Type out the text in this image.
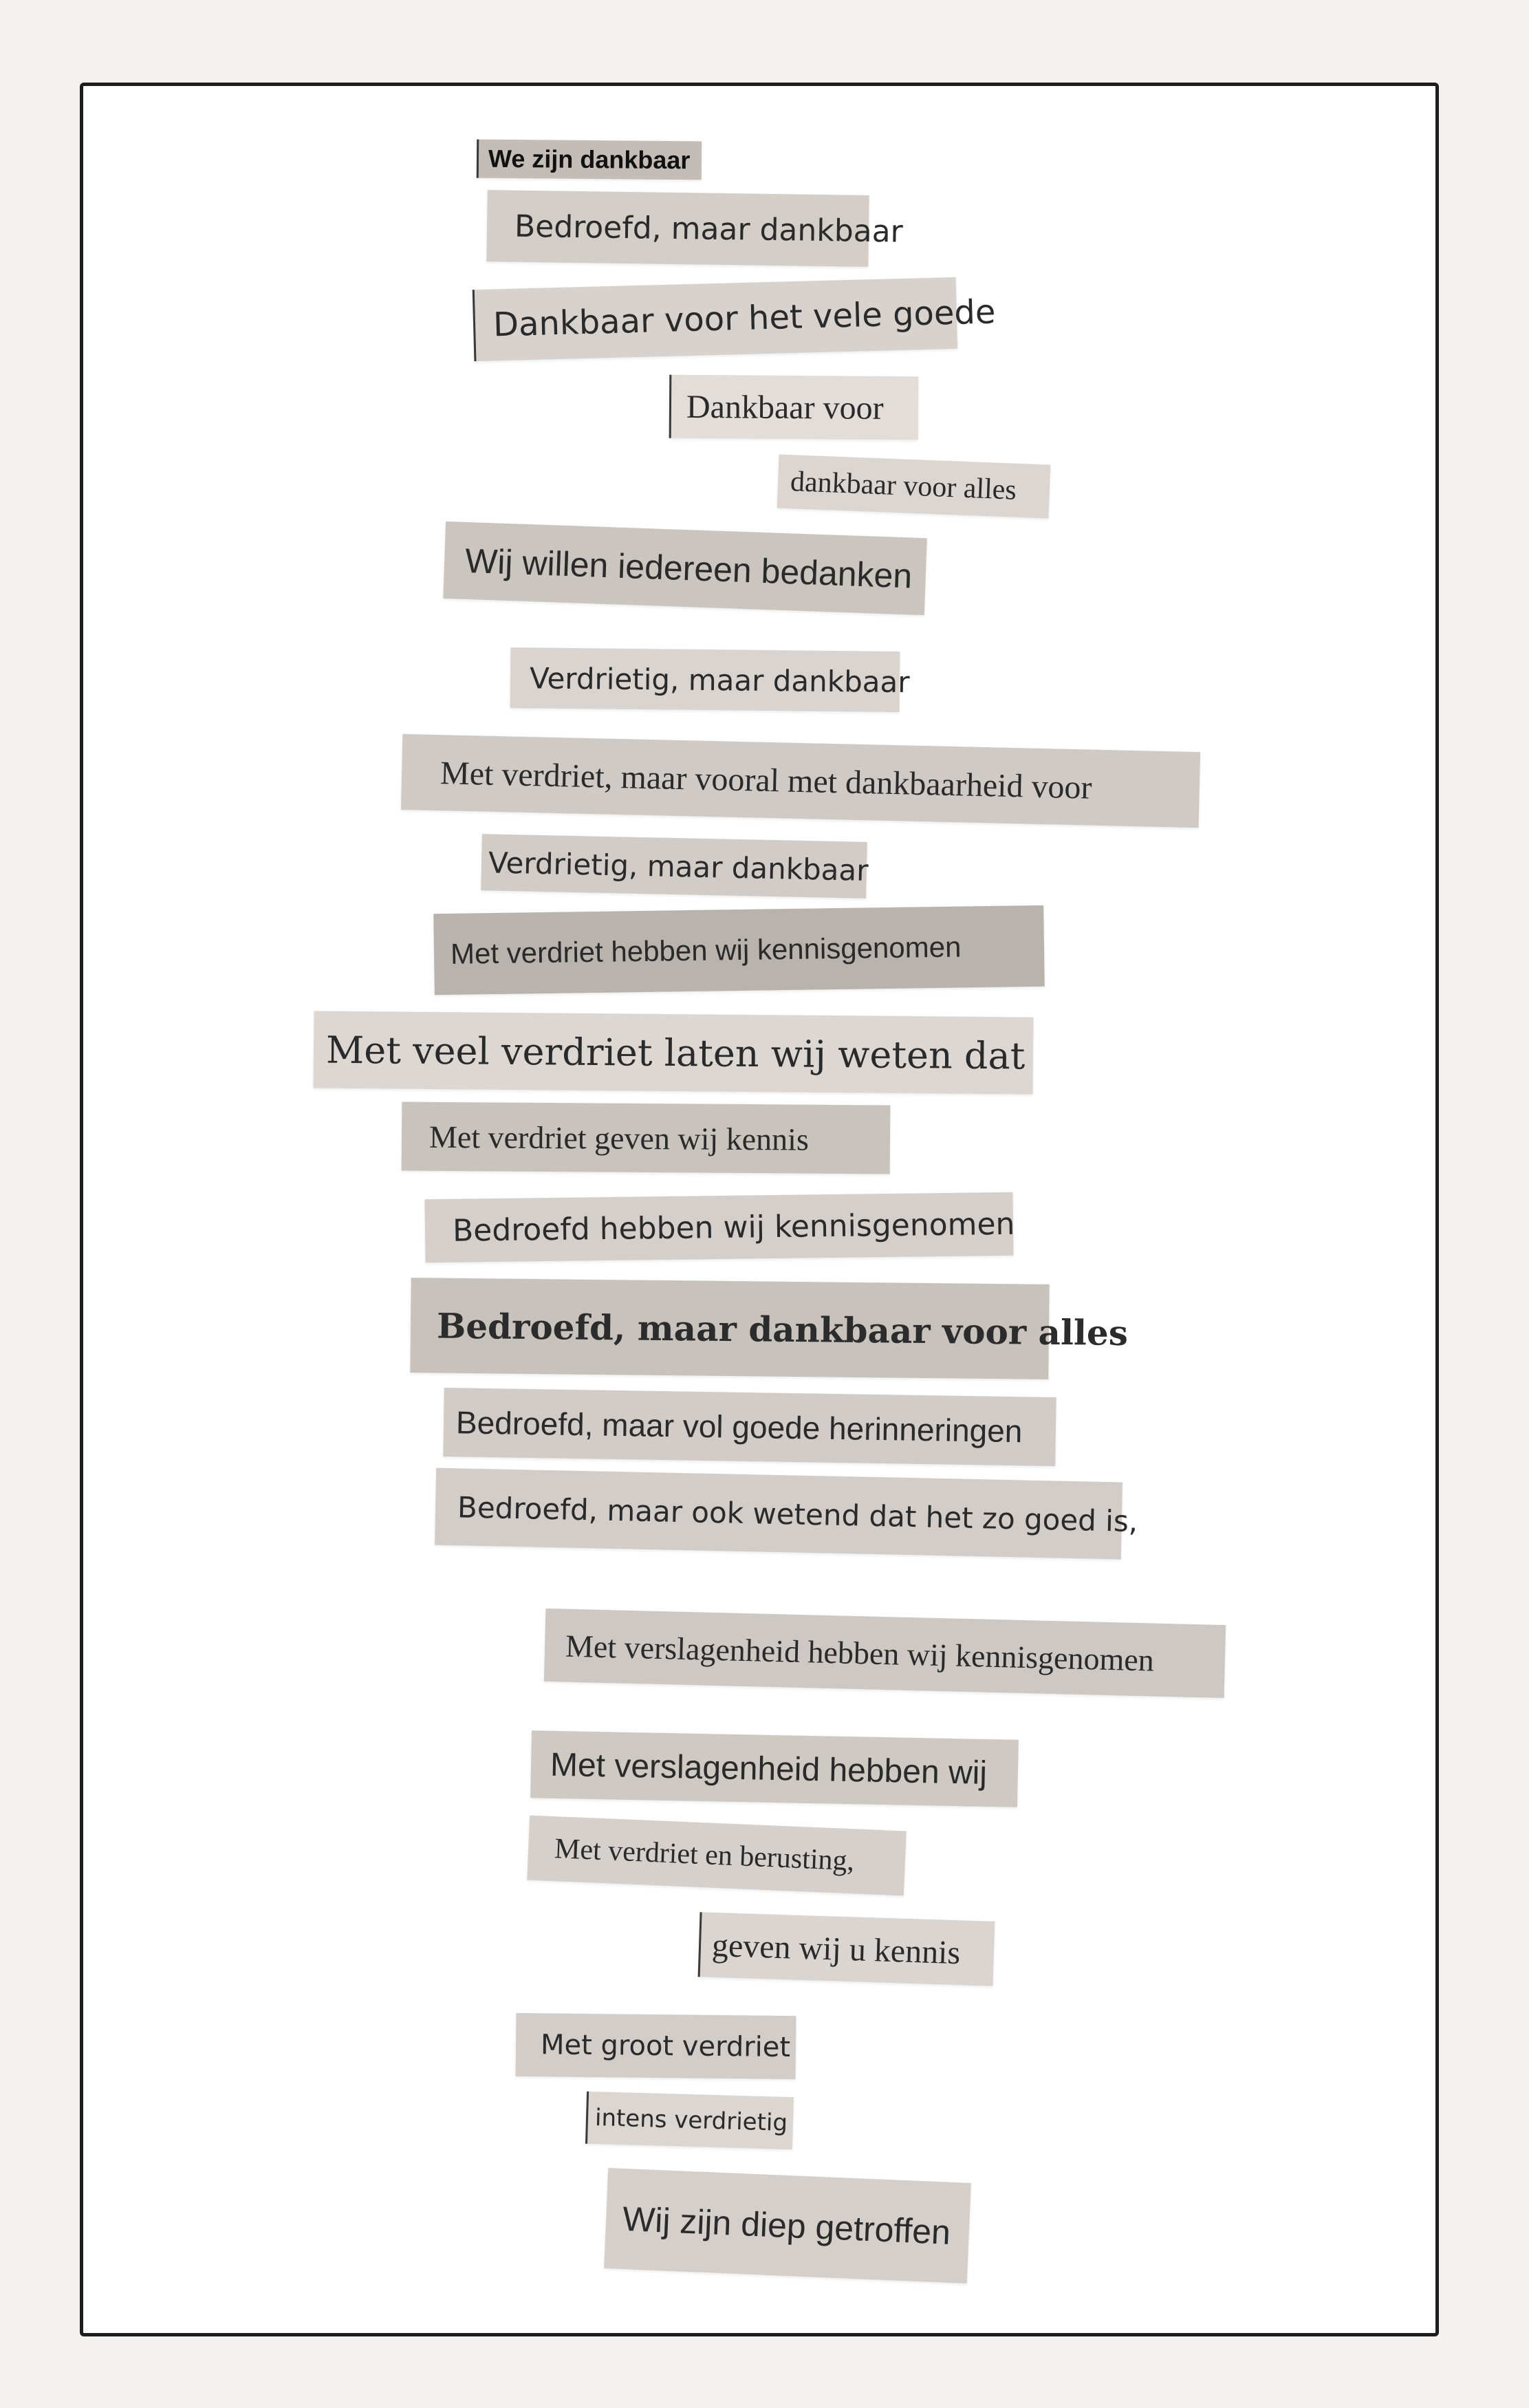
We zijn dankbaar
Bedroefd, maar dankbaar
Dankbaar voor het vele goede
Dankbaar voor
dankbaar voor alles
Wij willen iedereen bedanken
Verdrietig, maar dankbaar
Met verdriet, maar vooral met dankbaarheid voor
Verdrietig, maar dankbaar
Met verdriet hebben wij kennisgenomen
Met veel verdriet laten wij weten dat
Met verdriet geven wij kennis
Bedroefd hebben wij kennisgenomen
Bedroefd, maar dankbaar voor alles
Bedroefd, maar vol goede herinneringen
Bedroefd, maar ook wetend dat het zo goed is,
Met verslagenheid hebben wij kennisgenomen
Met verslagenheid hebben wij
Met verdriet en berusting,
geven wij u kennis
Met groot verdriet
intens verdrietig
Wij zijn diep getroffen
